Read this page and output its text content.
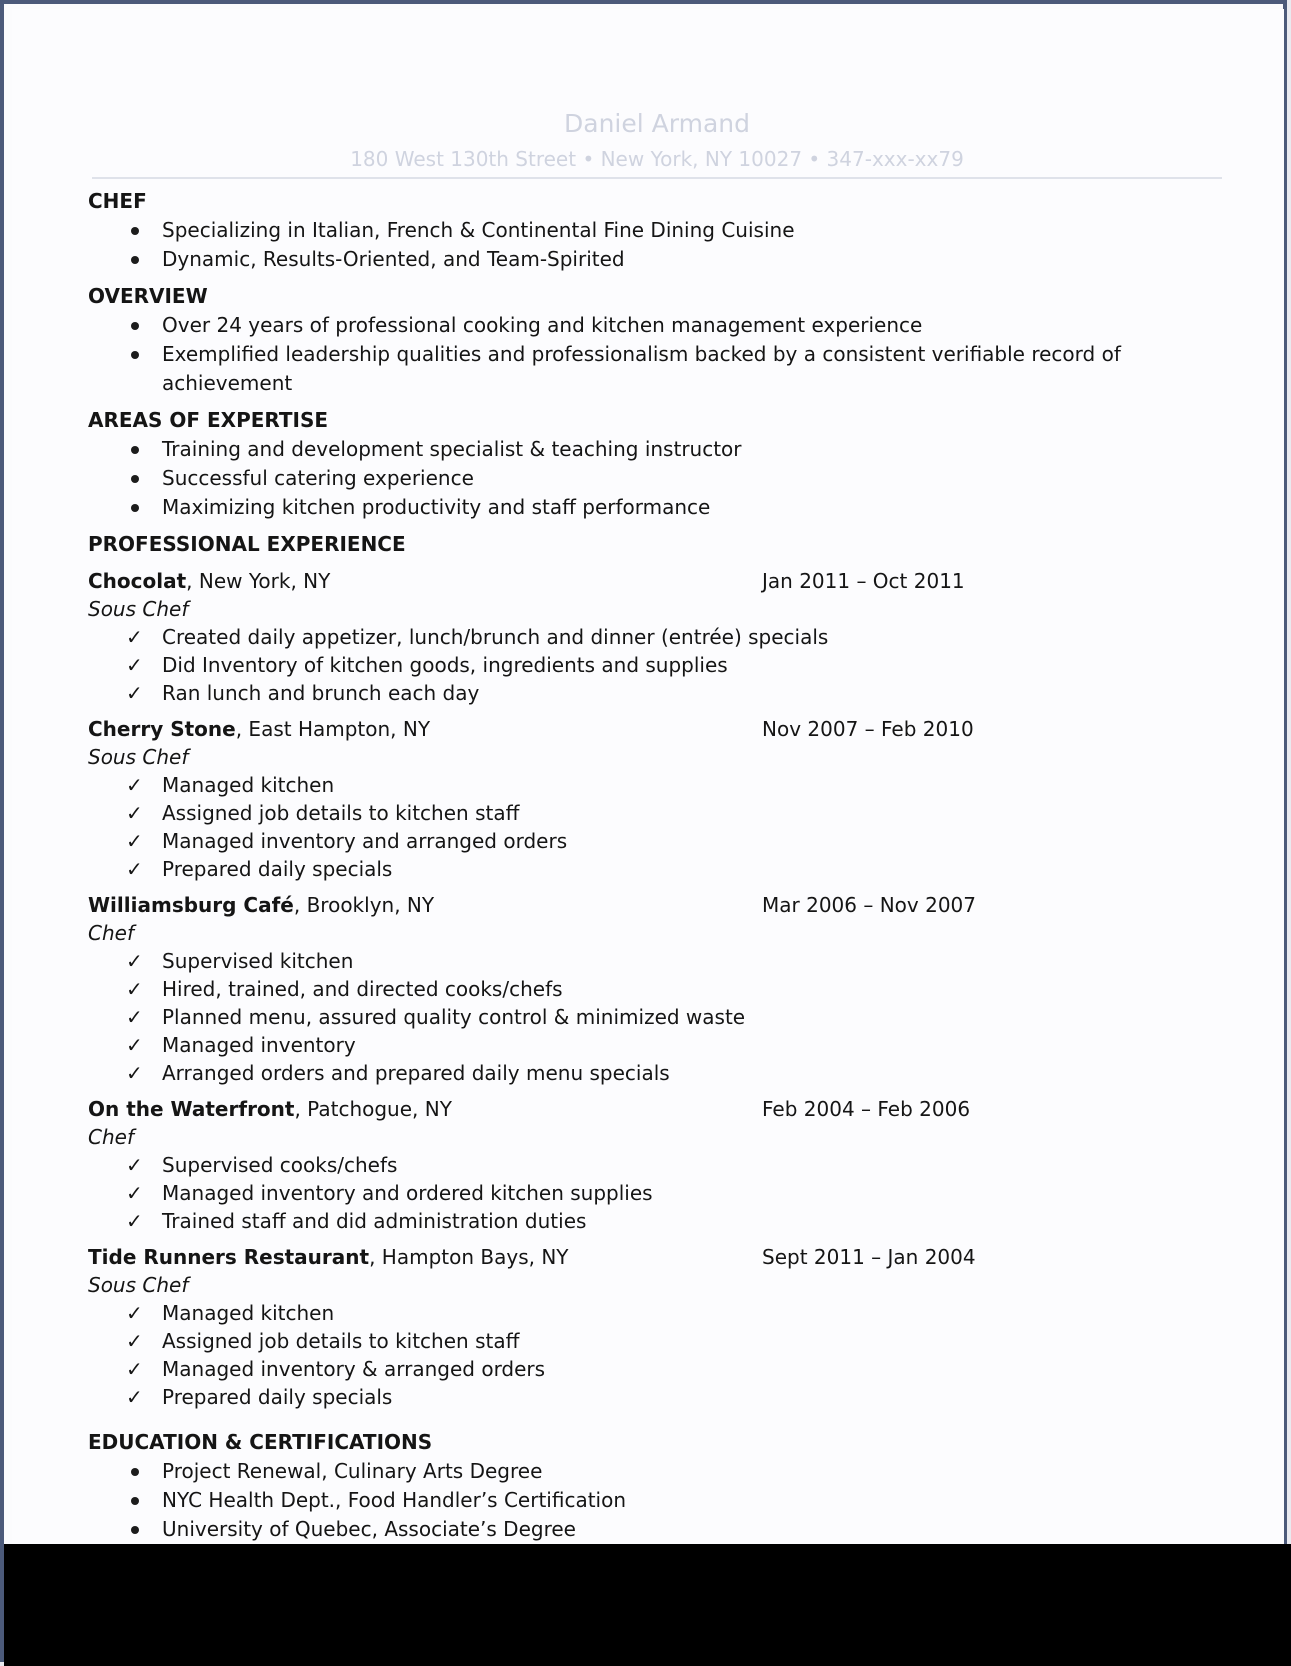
Daniel Armand
180 West 130th Street • New York, NY 10027 • 347-xxx-xx79
CHEF
Specializing in Italian, French & Continental Fine Dining Cuisine
Dynamic, Results-Oriented, and Team-Spirited
OVERVIEW
Over 24 years of professional cooking and kitchen management experience
Exemplified leadership qualities and professionalism backed by a consistent verifiable record of achievement
AREAS OF EXPERTISE
Training and development specialist & teaching instructor
Successful catering experience
Maximizing kitchen productivity and staff performance
PROFESSIONAL EXPERIENCE
Chocolat, New York, NY	Jan 2011 – Oct 2011
Sous Chef
✓ Created daily appetizer, lunch/brunch and dinner (entrée) specials
✓ Did Inventory of kitchen goods, ingredients and supplies
✓ Ran lunch and brunch each day
Cherry Stone, East Hampton, NY	Nov 2007 – Feb 2010
Sous Chef
✓ Managed kitchen
✓ Assigned job details to kitchen staff
✓ Managed inventory and arranged orders
✓ Prepared daily specials
Williamsburg Café, Brooklyn, NY	Mar 2006 – Nov 2007
Chef
✓ Supervised kitchen
✓ Hired, trained, and directed cooks/chefs
✓ Planned menu, assured quality control & minimized waste
✓ Managed inventory
✓ Arranged orders and prepared daily menu specials
On the Waterfront, Patchogue, NY	Feb 2004 – Feb 2006
Chef
✓ Supervised cooks/chefs
✓ Managed inventory and ordered kitchen supplies
✓ Trained staff and did administration duties
Tide Runners Restaurant, Hampton Bays, NY	Sept 2011 – Jan 2004
Sous Chef
✓ Managed kitchen
✓ Assigned job details to kitchen staff
✓ Managed inventory & arranged orders
✓ Prepared daily specials
EDUCATION & CERTIFICATIONS
Project Renewal, Culinary Arts Degree
NYC Health Dept., Food Handler’s Certification
University of Quebec, Associate’s Degree
